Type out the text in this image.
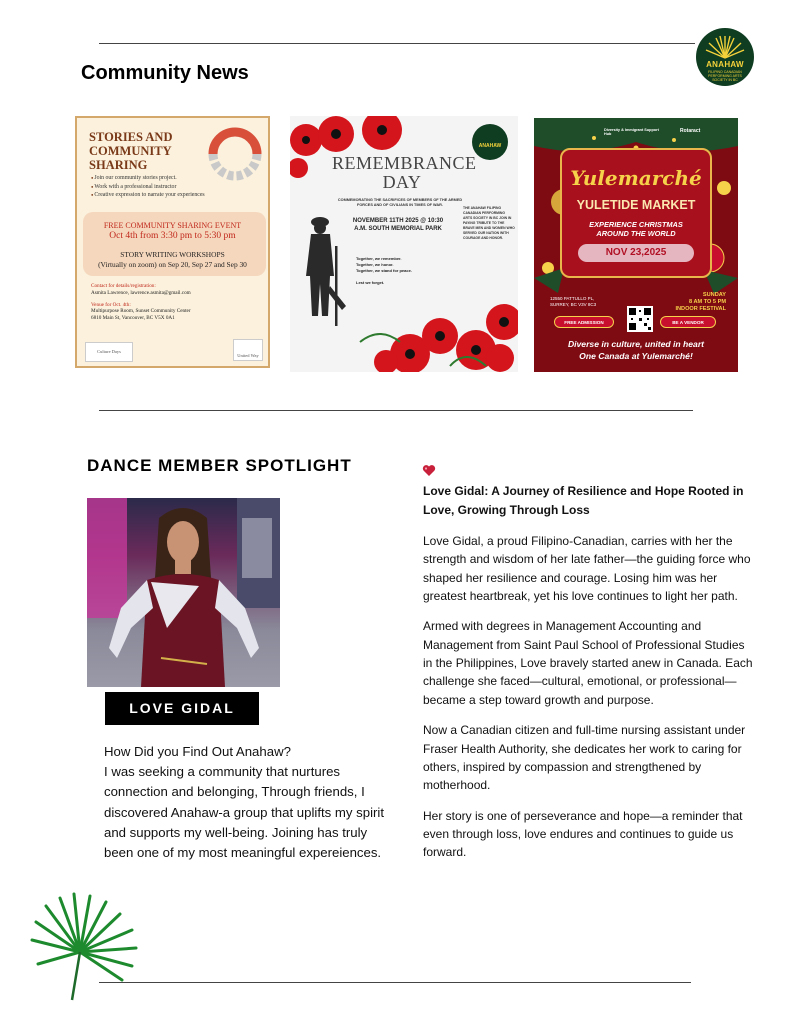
Community News	ANAHAW
FILIPINO CANADIAN PERFORMING ARTS SOCIETY IN BC
STORIES AND COMMUNITY SHARING
● Join our community stories project.
● Work with a professional instructor
● Creative expression to narrate your experiences
FREE COMMUNITY SHARING EVENT
Oct 4th from 3:30 pm to 5:30 pm
STORY WRITING WORKSHOPS
(Virtually on zoom) on Sep 20, Sep 27 and Sep 30
Contact for details/registration:
Asmita Lawrence, lawrence.asmita@gmail.com
Venue for Oct. 4th:
Multipurpose Room, Sunset Community Center
6810 Main St, Vancouver, BC V5X 0A1
Culture Days
United Way
ANAHAW
REMEMBRANCE DAY
COMMEMORATING THE SACRIFICES OF MEMBERS OF THE ARMED FORCES AND OF CIVILIANS IN TIMES OF WAR.
NOVEMBER 11TH 2025 @ 10:30 A.M. SOUTH MEMORIAL PARK
THE ANAHAW FILIPINO CANADIAN PERFORMING ARTS SOCIETY IN BC JOIN IN PAYING TRIBUTE TO THE BRAVE MEN AND WOMEN WHO SERVED OUR NATION WITH COURAGE AND HONOR.
Together, we remember.
Together, we honor.
Together, we stand for peace.
Lest we forget.
Rotaract
Diversity & Immigrant Support Hub
Yulemarché
YULETIDE MARKET
EXPERIENCE CHRISTMAS AROUND THE WORLD
NOV 23,2025
12550 PATTULLO PL, SURREY, BC V3V 8C3
SUNDAY
8 AM TO 5 PM
INDOOR FESTIVAL
FREE ADMISSION	BE A VENDOR
Diverse in culture, united in heart
One Canada at Yulemarché!
DANCE MEMBER SPOTLIGHT
LOVE GIDAL
How Did you Find Out Anahaw?
I was seeking a community that nurtures connection and belonging, Through friends, I discovered Anahaw-a group that uplifts my spirit and supports my well-being. Joining has truly been one of my most meaningful expereiences.
Love Gidal: A Journey of Resilience and Hope Rooted in Love, Growing Through Loss

Love Gidal, a proud Filipino-Canadian, carries with her the strength and wisdom of her late father—the guiding force who shaped her resilience and courage. Losing him was her greatest heartbreak, yet his love continues to light her path.

Armed with degrees in Management Accounting and Management from Saint Paul School of Professional Studies in the Philippines, Love bravely started anew in Canada. Each challenge she faced—cultural, emotional, or professional—became a step toward growth and purpose.

Now a Canadian citizen and full-time nursing assistant under Fraser Health Authority, she dedicates her work to caring for others, inspired by compassion and strengthened by motherhood.

Her story is one of perseverance and hope—a reminder that even through loss, love endures and continues to guide us forward.
